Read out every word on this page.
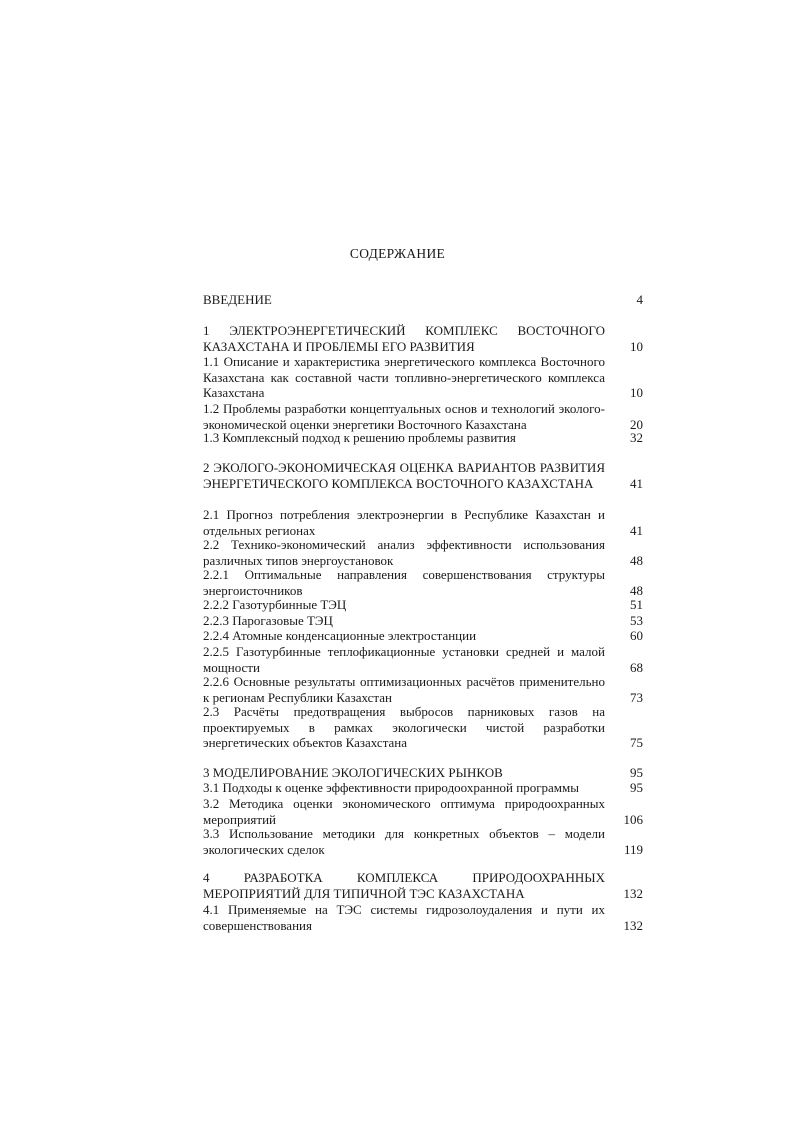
СОДЕРЖАНИЕ
ВВЕДЕНИЕ	4
1 ЭЛЕКТРОЭНЕРГЕТИЧЕСКИЙ КОМПЛЕКС ВОСТОЧНОГО КАЗАХСТАНА И ПРОБЛЕМЫ ЕГО РАЗВИТИЯ	10
1.1 Описание и характеристика энергетического комплекса Восточного Казахстана как составной части топливно-энергетического комплекса Казахстана	10
1.2 Проблемы разработки концептуальных основ и технологий эколого-экономической оценки энергетики Восточного Казахстана	20
1.3 Комплексный подход к решению проблемы развития	32
2 ЭКОЛОГО-ЭКОНОМИЧЕСКАЯ ОЦЕНКА ВАРИАНТОВ РАЗВИТИЯ ЭНЕРГЕТИЧЕСКОГО КОМПЛЕКСА ВОСТОЧНОГО КАЗАХСТАНА	41
2.1 Прогноз потребления электроэнергии в Республике Казахстан и отдельных регионах	41
2.2 Технико-экономический анализ эффективности использования различных типов энергоустановок	48
2.2.1 Оптимальные направления совершенствования структуры энергоисточников	48
2.2.2 Газотурбинные ТЭЦ	51
2.2.3 Парогазовые ТЭЦ	53
2.2.4 Атомные конденсационные электростанции	60
2.2.5 Газотурбинные теплофикационные установки средней и малой мощности	68
2.2.6 Основные результаты оптимизационных расчётов применительно к регионам Республики Казахстан	73
2.3 Расчёты предотвращения выбросов парниковых газов на проектируемых в рамках экологически чистой разработки энергетических объектов Казахстана	75
3 МОДЕЛИРОВАНИЕ ЭКОЛОГИЧЕСКИХ РЫНКОВ	95
3.1 Подходы к оценке эффективности природоохранной программы	95
3.2 Методика оценки экономического оптимума природоохранных мероприятий	106
3.3 Использование методики для конкретных объектов – модели экологических сделок	119
4 РАЗРАБОТКА КОМПЛЕКСА ПРИРОДООХРАННЫХ МЕРОПРИЯТИЙ ДЛЯ ТИПИЧНОЙ ТЭС КАЗАХСТАНА	132
4.1 Применяемые на ТЭС системы гидрозолоудаления и пути их совершенствования	132
